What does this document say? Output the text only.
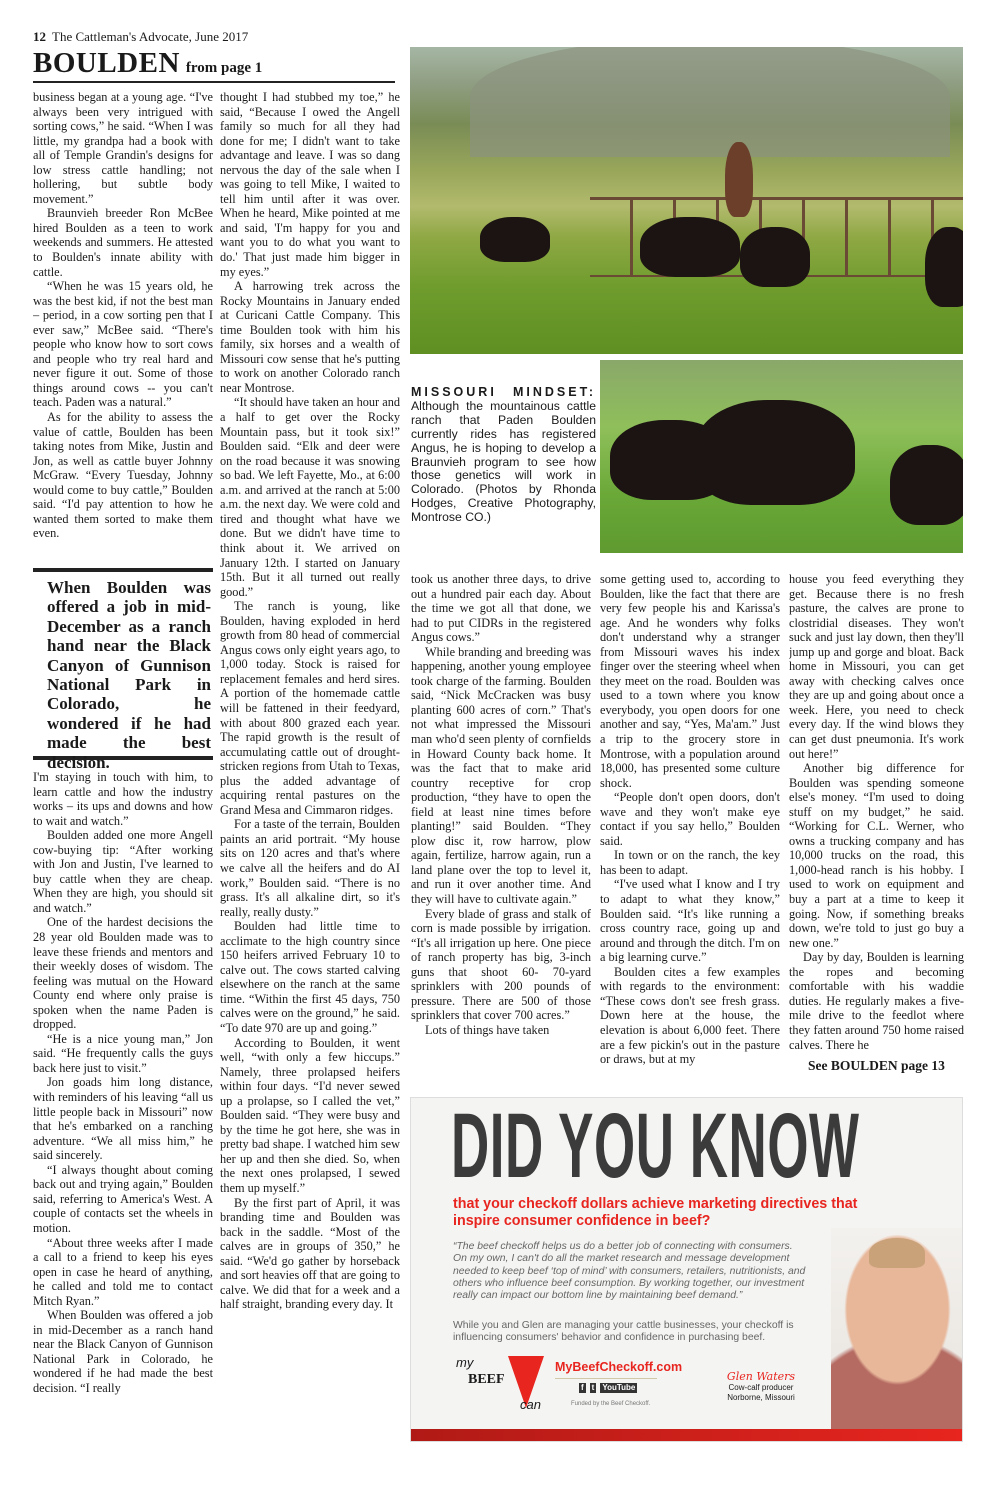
12 The Cattleman's Advocate, June 2017
BOULDEN from page 1

business began at a young age. “I've always been very intrigued with sorting cows,” he said. “When I was little, my grandpa had a book with all of Temple Grandin's designs for low stress cattle handling; not hollering, but subtle body movement.”

Braunvieh breeder Ron McBee hired Boulden as a teen to work weekends and summers. He attested to Boulden's innate ability with cattle.

“When he was 15 years old, he was the best kid, if not the best man – period, in a cow sorting pen that I ever saw,” McBee said. “There's people who know how to sort cows and people who try real hard and never figure it out. Some of those things around cows -- you can't teach. Paden was a natural.”

As for the ability to assess the value of cattle, Boulden has been taking notes from Mike, Justin and Jon, as well as cattle buyer Johnny McGraw. “Every Tuesday, Johnny would come to buy cattle,” Boulden said. “I'd pay attention to how he wanted them sorted to make them even.

When Boulden was offered a job in mid-December as a ranch hand near the Black Canyon of Gunnison National Park in Colorado, he wondered if he had made the best decision.

I'm staying in touch with him, to learn cattle and how the industry works – its ups and downs and how to wait and watch.”

Boulden added one more Angell cow-buying tip: “After working with Jon and Justin, I've learned to buy cattle when they are cheap. When they are high, you should sit and watch.”

One of the hardest decisions the 28 year old Boulden made was to leave these friends and mentors and their weekly doses of wisdom. The feeling was mutual on the Howard County end where only praise is spoken when the name Paden is dropped.

“He is a nice young man,” Jon said. “He frequently calls the guys back here just to visit.”

Jon goads him long distance, with reminders of his leaving “all us little people back in Missouri” now that he's embarked on a ranching adventure. “We all miss him,” he said sincerely.

“I always thought about coming back out and trying again,” Boulden said, referring to America's West. A couple of contacts set the wheels in motion.

“About three weeks after I made a call to a friend to keep his eyes open in case he heard of anything, he called and told me to contact Mitch Ryan.”

When Boulden was offered a job in mid-December as a ranch hand near the Black Canyon of Gunnison National Park in Colorado, he wondered if he had made the best decision. “I really

thought I had stubbed my toe,” he said, “Because I owed the Angell family so much for all they had done for me; I didn't want to take advantage and leave. I was so dang nervous the day of the sale when I was going to tell Mike, I waited to tell him until after it was over. When he heard, Mike pointed at me and said, 'I'm happy for you and want you to do what you want to do.' That just made him bigger in my eyes.”

A harrowing trek across the Rocky Mountains in January ended at Curicani Cattle Company. This time Boulden took with him his family, six horses and a wealth of Missouri cow sense that he's putting to work on another Colorado ranch near Montrose.

“It should have taken an hour and a half to get over the Rocky Mountain pass, but it took six!” Boulden said. “Elk and deer were on the road because it was snowing so bad. We left Fayette, Mo., at 6:00 a.m. and arrived at the ranch at 5:00 a.m. the next day. We were cold and tired and thought what have we done. But we didn't have time to think about it. We arrived on January 12th. I started on January 15th. But it all turned out really good.”

The ranch is young, like Boulden, having exploded in herd growth from 80 head of commercial Angus cows only eight years ago, to 1,000 today. Stock is raised for replacement females and herd sires. A portion of the homemade cattle will be fattened in their feedyard, with about 800 grazed each year. The rapid growth is the result of accumulating cattle out of drought-stricken regions from Utah to Texas, plus the added advantage of acquiring rental pastures on the Grand Mesa and Cimmaron ridges.

For a taste of the terrain, Boulden paints an arid portrait. “My house sits on 120 acres and that's where we calve all the heifers and do AI work,” Boulden said. “There is no grass. It's all alkaline dirt, so it's really, really dusty.”

Boulden had little time to acclimate to the high country since 150 heifers arrived February 10 to calve out. The cows started calving elsewhere on the ranch at the same time. “Within the first 45 days, 750 calves were on the ground,” he said. “To date 970 are up and going.”

According to Boulden, it went well, “with only a few hiccups.” Namely, three prolapsed heifers within four days. “I'd never sewed up a prolapse, so I called the vet,” Boulden said. “They were busy and by the time he got here, she was in pretty bad shape. I watched him sew her up and then she died. So, when the next ones prolapsed, I sewed them up myself.”

By the first part of April, it was branding time and Boulden was back in the saddle. “Most of the calves are in groups of 350,” he said. “We'd go gather by horseback and sort heavies off that are going to calve. We did that for a week and a half straight, branding every day. It

MISSOURI MINDSET: Although the mountainous cattle ranch that Paden Boulden currently rides has registered Angus, he is hoping to develop a Braunvieh program to see how those genetics will work in Colorado. (Photos by Rhonda Hodges, Creative Photography, Montrose CO.)

took us another three days, to drive out a hundred pair each day. About the time we got all that done, we had to put CIDRs in the registered Angus cows.”

While branding and breeding was happening, another young employee took charge of the farming. Boulden said, “Nick McCracken was busy planting 600 acres of corn.” That's not what impressed the Missouri man who'd seen plenty of cornfields in Howard County back home. It was the fact that to make arid country receptive for crop production, “they have to open the field at least nine times before planting!” said Boulden. “They plow disc it, row harrow, plow again, fertilize, harrow again, run a land plane over the top to level it, and run it over another time. And they will have to cultivate again.”

Every blade of grass and stalk of corn is made possible by irrigation. “It's all irrigation up here. One piece of ranch property has big, 3-inch guns that shoot 60- 70-yard sprinklers with 200 pounds of pressure. There are 500 of those sprinklers that cover 700 acres.”

Lots of things have taken

some getting used to, according to Boulden, like the fact that there are very few people his and Karissa's age. And he wonders why folks don't understand why a stranger from Missouri waves his index finger over the steering wheel when they meet on the road. Boulden was used to a town where you know everybody, you open doors for one another and say, “Yes, Ma'am.” Just a trip to the grocery store in Montrose, with a population around 18,000, has presented some culture shock.

“People don't open doors, don't wave and they won't make eye contact if you say hello,” Boulden said.

In town or on the ranch, the key has been to adapt.

“I've used what I know and I try to adapt to what they know,” Boulden said. “It's like running a cross country race, going up and around and through the ditch. I'm on a big learning curve.”

Boulden cites a few examples with regards to the environment: “These cows don't see fresh grass. Down here at the house, the elevation is about 6,000 feet. There are a few pickin's out in the pasture or draws, but at my

house you feed everything they get. Because there is no fresh pasture, the calves are prone to clostridial diseases. They won't suck and just lay down, then they'll jump up and gorge and bloat. Back home in Missouri, you can get away with checking calves once they are up and going about once a week. Here, you need to check every day. If the wind blows they can get dust pneumonia. It's work out here!”

Another big difference for Boulden was spending someone else's money. “I'm used to doing stuff on my budget,” he said. “Working for C.L. Werner, who owns a trucking company and has 10,000 trucks on the road, this 1,000-head ranch is his hobby. I used to work on equipment and buy a part at a time to keep it going. Now, if something breaks down, we're told to just go buy a new one.”

Day by day, Boulden is learning the ropes and becoming comfortable with his waddie duties. He regularly makes a five-mile drive to the feedlot where they fatten around 750 home raised calves. There he

See BOULDEN page 13
DID YOU KNOW
that your checkoff dollars achieve marketing directives that inspire consumer confidence in beef?
“The beef checkoff helps us do a better job of connecting with consumers. On my own, I can't do all the market research and message development needed to keep beef ‘top of mind’ with consumers, retailers, nutritionists, and others who influence beef consumption. By working together, our investment really can impact our bottom line by maintaining beef demand.”
While you and Glen are managing your cattle businesses, your checkoff is influencing consumers' behavior and confidence in purchasing beef.
my
BEEF
can
MyBeefCheckoff.com
f t YouTube
Funded by the Beef Checkoff.
Glen Waters
Cow-calf producer
Norborne, Missouri
